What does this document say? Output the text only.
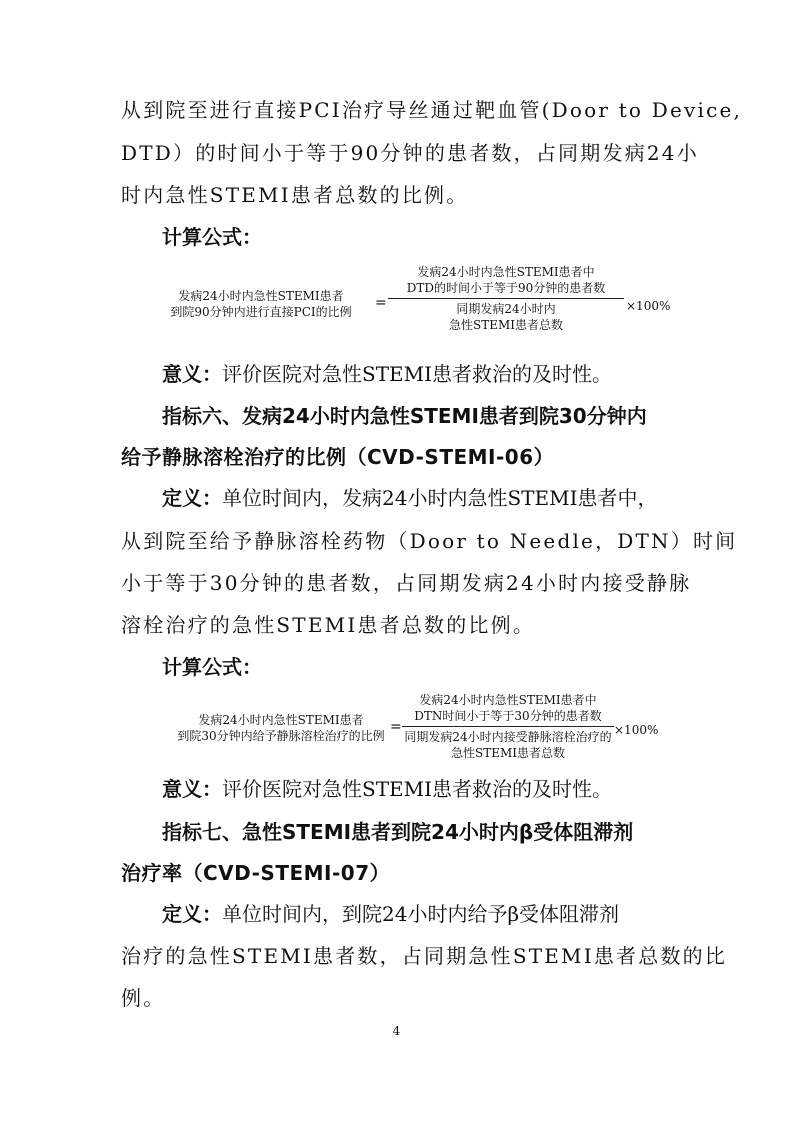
从到院至进行直接PCI治疗导丝通过靶血管(Door to Device,
DTD）的时间小于等于90分钟的患者数，占同期发病24小
时内急性STEMI患者总数的比例。
计算公式：
发病24小时内急性STEMI患者
到院90分钟内进行直接PCI的比例
=
发病24小时内急性STEMI患者中
DTD的时间小于等于90分钟的患者数
同期发病24小时内
急性STEMI患者总数
×100%
意义：评价医院对急性STEMI患者救治的及时性。
指标六、发病24小时内急性STEMI患者到院30分钟内
给予静脉溶栓治疗的比例（CVD-STEMI-06）
定义：单位时间内，发病24小时内急性STEMI患者中，
从到院至给予静脉溶栓药物（Door to Needle，DTN）时间
小于等于30分钟的患者数，占同期发病24小时内接受静脉
溶栓治疗的急性STEMI患者总数的比例。
计算公式：
发病24小时内急性STEMI患者
到院30分钟内给予静脉溶栓治疗的比例
=
发病24小时内急性STEMI患者中
DTN时间小于等于30分钟的患者数
同期发病24小时内接受静脉溶栓治疗的
急性STEMI患者总数
×100%
意义：评价医院对急性STEMI患者救治的及时性。
指标七、急性STEMI患者到院24小时内β受体阻滞剂
治疗率（CVD-STEMI-07）
定义：单位时间内，到院24小时内给予β受体阻滞剂
治疗的急性STEMI患者数，占同期急性STEMI患者总数的比
例。
4
